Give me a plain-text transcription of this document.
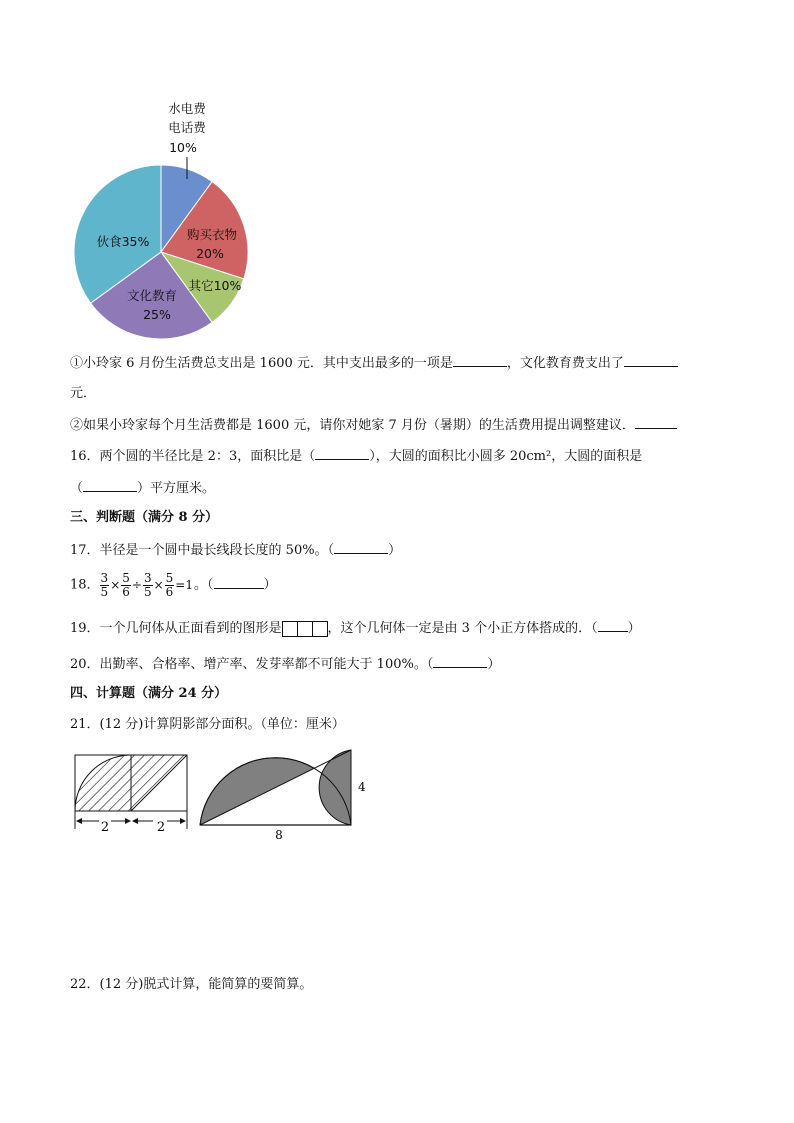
水电费
电话费
10%
购买衣物
20%
其它10%
文化教育
25%
伙食35%
①小玲家 6 月份生活费总支出是 1600 元．其中支出最多的一项是	，文化教育费支出了
元．
②如果小玲家每个月生活费都是 1600 元，请你对她家 7 月份（暑期）的生活费用提出调整建议．
16．两个圆的半径比是 2：3，面积比是（	），大圆的面积比小圆多 20cm²，大圆的面积是
（	）平方厘米。
三、判断题（满分 8 分）
17．半径是一个圆中最长线段长度的 50%。（	）
18． $\frac{3}{5} \times \frac{5}{6} \div \frac{3}{5} \times \frac{5}{6} =1$。（	）
19．一个几何体从正面看到的图形是	，这个几何体一定是由 3 个小正方体搭成的．（ ）
20．出勤率、合格率、增产率、发芽率都不可能大于 100%。（	）
四、计算题（满分 24 分）
21．(12 分)计算阴影部分面积。（单位：厘米）
2	2
4
8
22．(12 分)脱式计算，能简算的要简算。
